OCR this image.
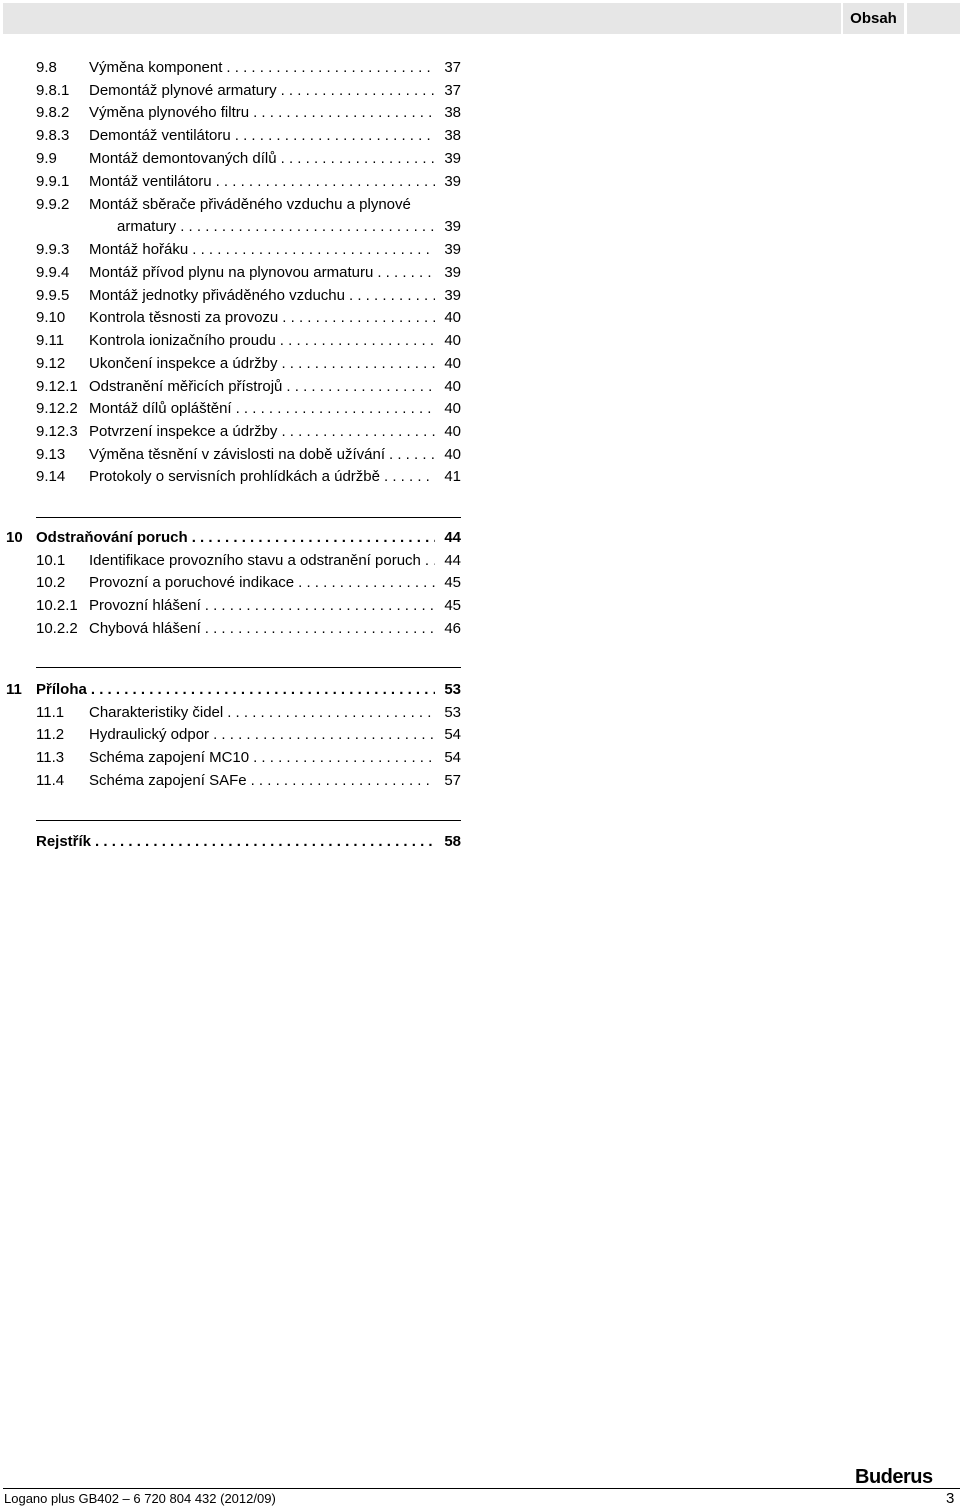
Obsah
9.8 Výměna komponent . . .	37
9.8.1 Demontáž plynové armatury . . .	37
9.8.2 Výměna plynového filtru . . .	38
9.8.3 Demontáž ventilátoru . . .	38
9.9 Montáž demontovaných dílů . . .	39
9.9.1 Montáž ventilátoru . . .	39
9.9.2 Montáž sběrače přiváděného vzduchu a plynové
armatury . . .	39
9.9.3 Montáž hořáku . . .	39
9.9.4 Montáž přívod plynu na plynovou armaturu . . .	39
9.9.5 Montáž jednotky přiváděného vzduchu . . .	39
9.10 Kontrola těsnosti za provozu . . .	40
9.11 Kontrola ionizačního proudu . . .	40
9.12 Ukončení inspekce a údržby . . .	40
9.12.1 Odstranění měřicích přístrojů . . .	40
9.12.2 Montáž dílů opláštění . . .	40
9.12.3 Potvrzení inspekce a údržby . . .	40
9.13 Výměna těsnění v závislosti na době užívání . . .	40
9.14 Protokoly o servisních prohlídkách a údržbě . . .	41
10 Odstraňování poruch . . .	44
10.1 Identifikace provozního stavu a odstranění poruch . . .	44
10.2 Provozní a poruchové indikace . . .	45
10.2.1 Provozní hlášení . . .	45
10.2.2 Chybová hlášení . . .	46
11 Příloha . . .	53
11.1 Charakteristiky čidel . . .	53
11.2 Hydraulický odpor . . .	54
11.3 Schéma zapojení MC10 . . .	54
11.4 Schéma zapojení SAFe . . .	57
Rejstřík . . .	58
Buderus
Logano plus GB402 – 6 720 804 432 (2012/09)	3
